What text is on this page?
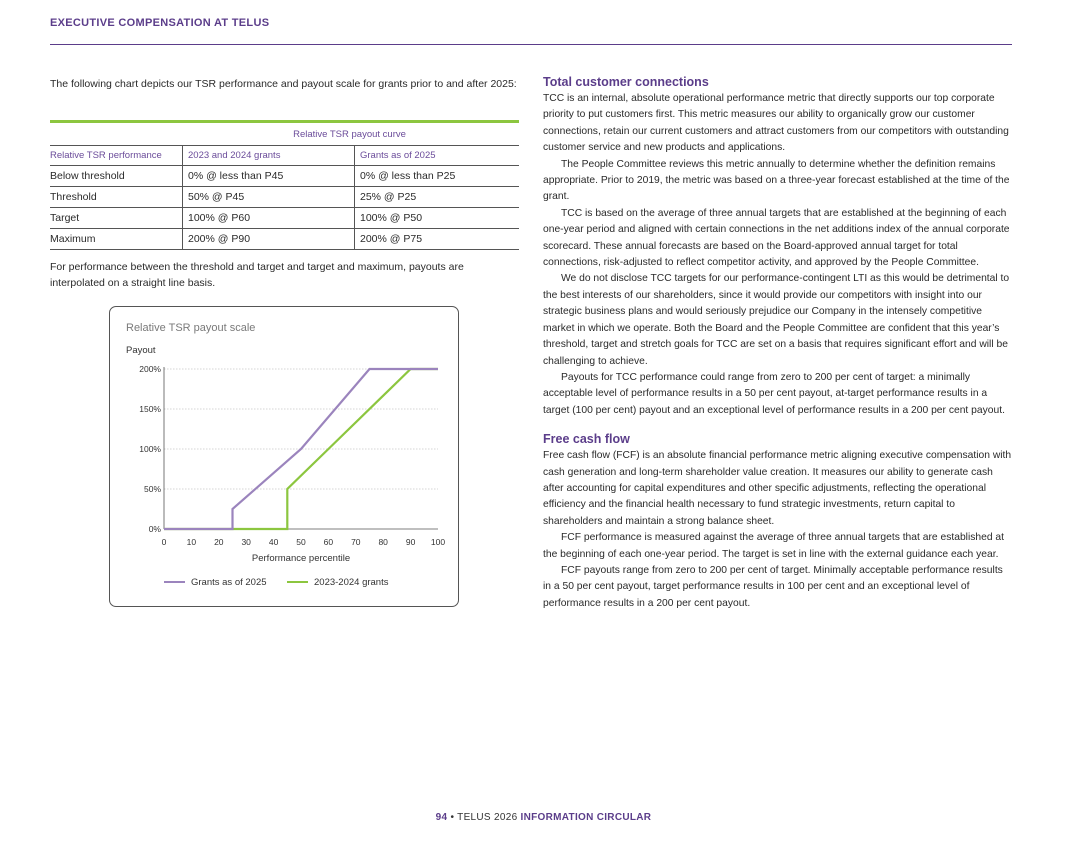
EXECUTIVE COMPENSATION AT TELUS

The following chart depicts our TSR performance and payout scale for grants prior to and after 2025:

Relative TSR payout curve		
Relative TSR performance	2023 and 2024 grants	Grants as of 2025
Below threshold	0% @ less than P45	0% @ less than P25
Threshold	50% @ P45	25% @ P25
Target	100% @ P60	100% @ P50
Maximum	200% @ P90	200% @ P75

For performance between the threshold and target and target and maximum, payouts are interpolated on a straight line basis.

Relative TSR payout scale
Payout
0%
50%
100%
150%
200%
0 10 20 30 40 50 60 70 80 90 100
Performance percentile
Grants as of 2025	2023-2024 grants
Total customer connections

TCC is an internal, absolute operational performance metric that directly supports our top corporate priority to put customers first. This metric measures our ability to organically grow our customer connections, retain our current customers and attract customers from our competitors with outstanding customer service and new products and applications.

The People Committee reviews this metric annually to determine whether the definition remains appropriate. Prior to 2019, the metric was based on a three-year forecast established at the time of the grant.

TCC is based on the average of three annual targets that are established at the beginning of each one-year period and aligned with certain connections in the net additions index of the annual corporate scorecard. These annual forecasts are based on the Board-approved annual target for total connections, risk-adjusted to reflect competitor activity, and approved by the People Committee.

We do not disclose TCC targets for our performance-contingent LTI as this would be detrimental to the best interests of our shareholders, since it would provide our competitors with insight into our strategic business plans and would seriously prejudice our Company in the intensely competitive market in which we operate. Both the Board and the People Committee are confident that this year’s threshold, target and stretch goals for TCC are set on a basis that requires significant effort and will be challenging to achieve.

Payouts for TCC performance could range from zero to 200 per cent of target: a minimally acceptable level of performance results in a 50 per cent payout, at-target performance results in a target (100 per cent) payout and an exceptional level of performance results in a 200 per cent payout.

Free cash flow

Free cash flow (FCF) is an absolute financial performance metric aligning executive compensation with cash generation and long-term shareholder value creation. It measures our ability to generate cash after accounting for capital expenditures and other specific adjustments, reflecting the operational efficiency and the financial health necessary to fund strategic investments, return capital to shareholders and maintain a strong balance sheet.

FCF performance is measured against the average of three annual targets that are established at the beginning of each one-year period. The target is set in line with the external guidance each year.

FCF payouts range from zero to 200 per cent of target. Minimally acceptable performance results in a 50 per cent payout, target performance results in 100 per cent and an exceptional level of performance results in a 200 per cent payout.

94 • TELUS 2026 INFORMATION CIRCULAR
